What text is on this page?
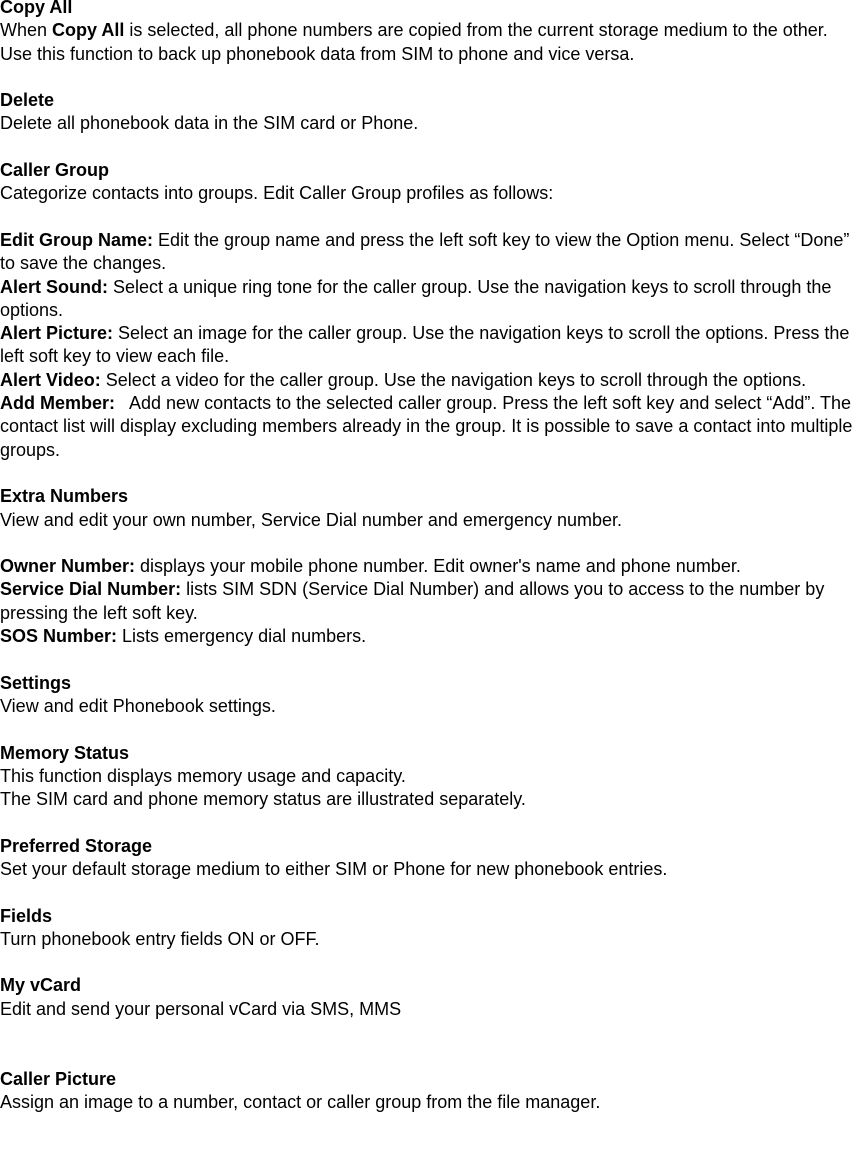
Copy All
When Copy All is selected, all phone numbers are copied from the current storage medium to the other.
Use this function to back up phonebook data from SIM to phone and vice versa.
Delete
Delete all phonebook data in the SIM card or Phone.
Caller Group
Categorize contacts into groups. Edit Caller Group profiles as follows:
Edit Group Name: Edit the group name and press the left soft key to view the Option menu. Select “Done” to save the changes.
Alert Sound: Select a unique ring tone for the caller group. Use the navigation keys to scroll through the options.
Alert Picture: Select an image for the caller group. Use the navigation keys to scroll the options. Press the left soft key to view each file.
Alert Video: Select a video for the caller group. Use the navigation keys to scroll through the options.
Add Member: Add new contacts to the selected caller group. Press the left soft key and select “Add”. The contact list will display excluding members already in the group. It is possible to save a contact into multiple groups.
Extra Numbers
View and edit your own number, Service Dial number and emergency number.
Owner Number: displays your mobile phone number. Edit owner's name and phone number.
Service Dial Number: lists SIM SDN (Service Dial Number) and allows you to access to the number by pressing the left soft key.
SOS Number: Lists emergency dial numbers.
Settings
View and edit Phonebook settings.
Memory Status
This function displays memory usage and capacity.
The SIM card and phone memory status are illustrated separately.
Preferred Storage
Set your default storage medium to either SIM or Phone for new phonebook entries.
Fields
Turn phonebook entry fields ON or OFF.
My vCard
Edit and send your personal vCard via SMS, MMS
Caller Picture
Assign an image to a number, contact or caller group from the file manager.
